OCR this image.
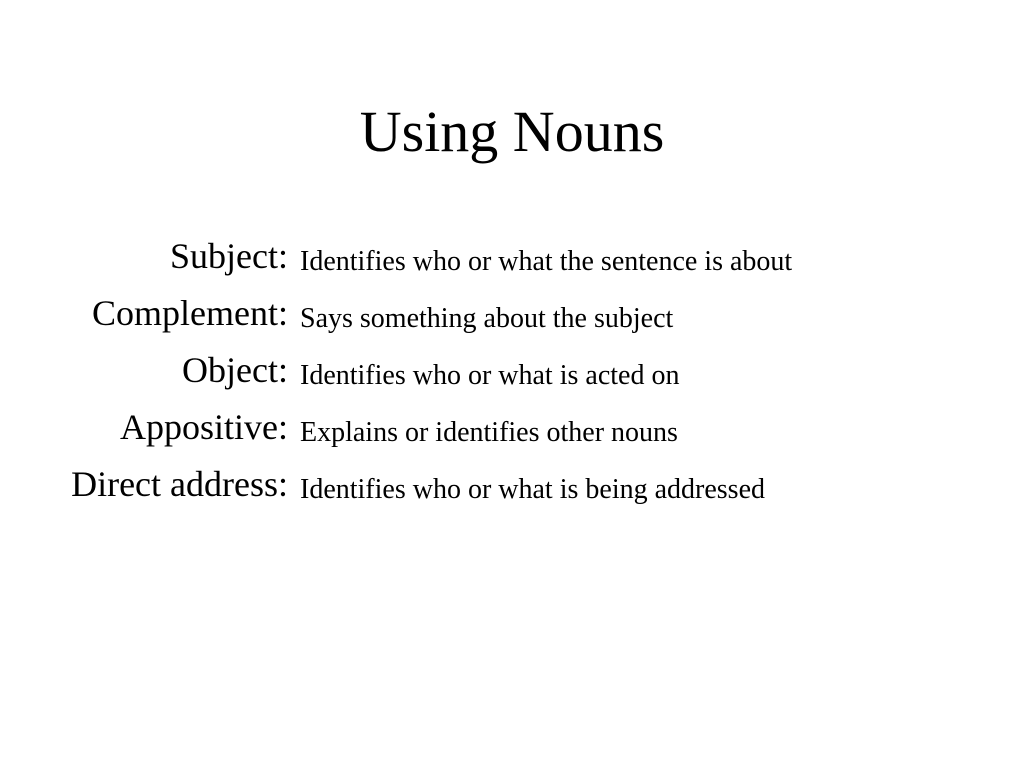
Using Nouns
Subject: Identifies who or what the sentence is about
Complement: Says something about the subject
Object: Identifies who or what is acted on
Appositive: Explains or identifies other nouns
Direct address: Identifies who or what is being addressed
